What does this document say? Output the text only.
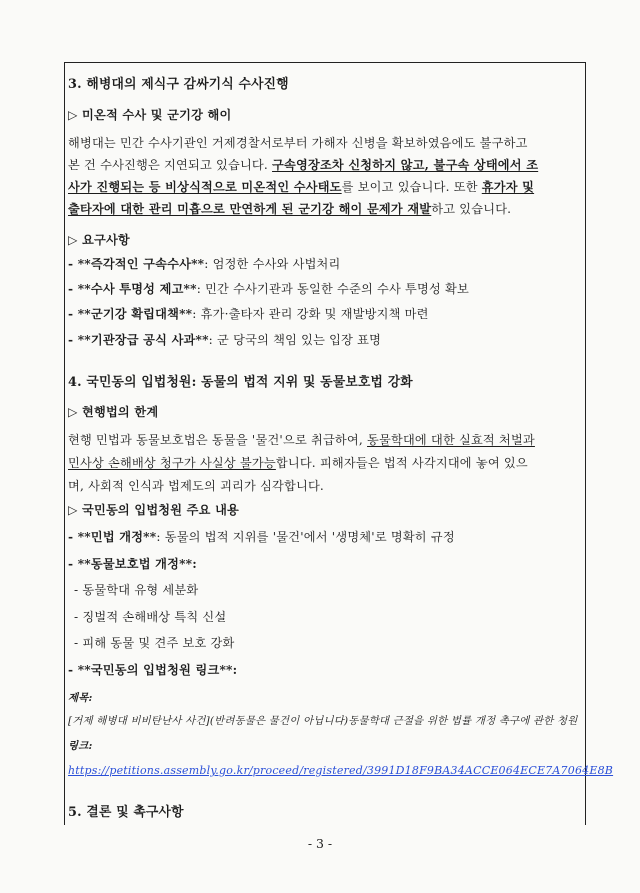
3. 해병대의 제식구 감싸기식 수사진행
▷ 미온적 수사 및 군기강 해이
해병대는 민간 수사기관인 거제경찰서로부터 가해자 신병을 확보하였음에도 불구하고
본 건 수사진행은 지연되고 있습니다. 구속영장조차 신청하지 않고, 불구속 상태에서 조
사가 진행되는 등 비상식적으로 미온적인 수사태도를 보이고 있습니다. 또한 휴가자 및
출타자에 대한 관리 미흡으로 만연하게 된 군기강 해이 문제가 재발하고 있습니다.
▷ 요구사항
- **즉각적인 구속수사**: 엄정한 수사와 사법처리
- **수사 투명성 제고**: 민간 수사기관과 동일한 수준의 수사 투명성 확보
- **군기강 확립대책**: 휴가·출타자 관리 강화 및 재발방지책 마련
- **기관장급 공식 사과**: 군 당국의 책임 있는 입장 표명
4. 국민동의 입법청원: 동물의 법적 지위 및 동물보호법 강화
▷ 현행법의 한계
현행 민법과 동물보호법은 동물을 '물건'으로 취급하여, 동물학대에 대한 실효적 처벌과
민사상 손해배상 청구가 사실상 불가능합니다. 피해자들은 법적 사각지대에 놓여 있으
며, 사회적 인식과 법제도의 괴리가 심각합니다.
▷ 국민동의 입법청원 주요 내용
- **민법 개정**: 동물의 법적 지위를 '물건'에서 '생명체'로 명확히 규정
- **동물보호법 개정**:
- 동물학대 유형 세분화
- 징벌적 손해배상 특칙 신설
- 피해 동물 및 견주 보호 강화
- **국민동의 입법청원 링크**:
제목:
[거제 해병대 비비탄난사 사건](반려동물은 물건이 아닙니다)동물학대 근절을 위한 법률 개정 촉구에 관한 청원
링크:
https://petitions.assembly.go.kr/proceed/registered/3991D18F9BA34ACCE064ECE7A7064E8B
5. 결론 및 촉구사항
- 3 -
